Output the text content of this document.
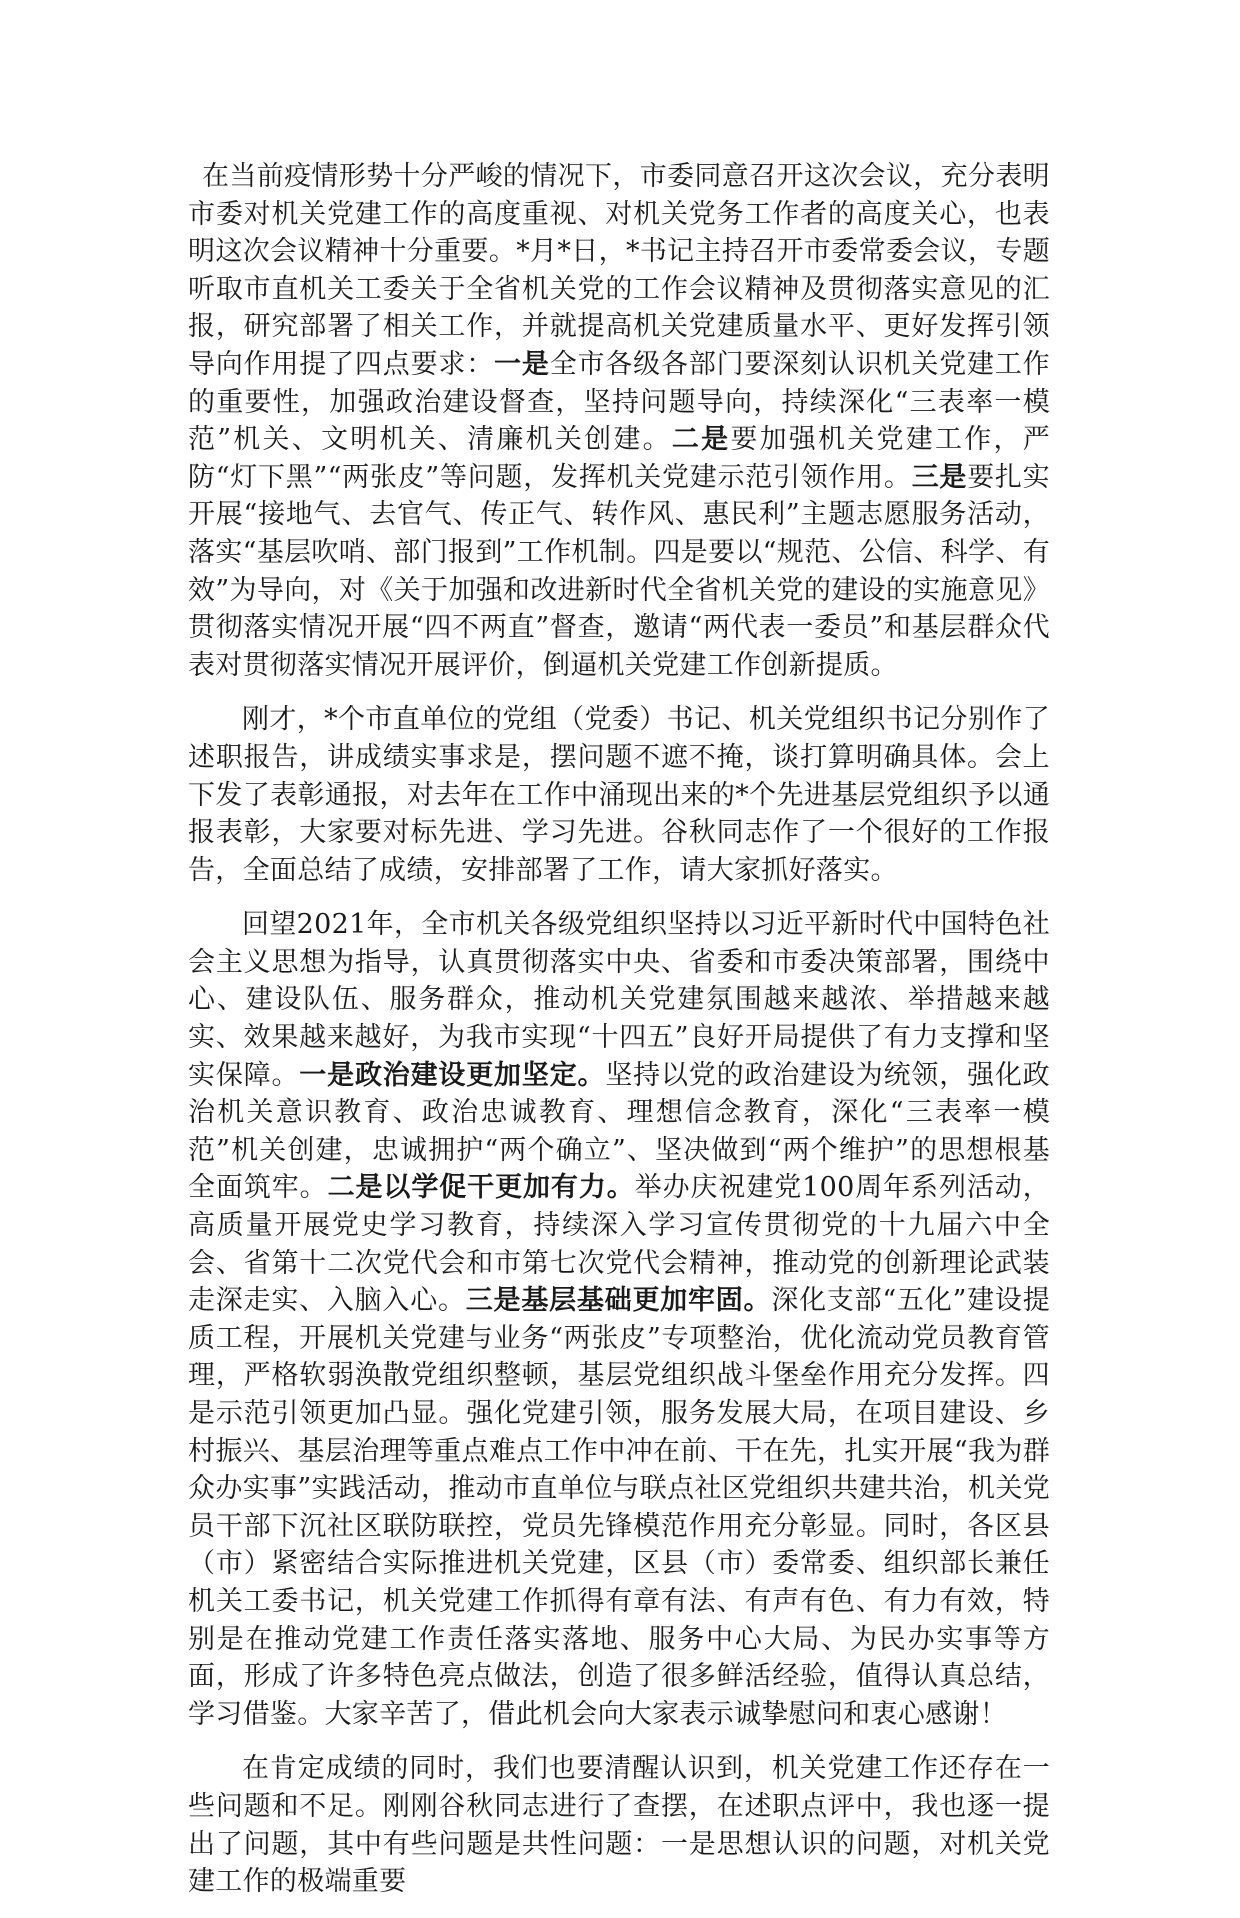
在当前疫情形势十分严峻的情况下，市委同意召开这次会议，充分表明市委对机关党建工作的高度重视、对机关党务工作者的高度关心，也表明这次会议精神十分重要。*月*日，*书记主持召开市委常委会议，专题听取市直机关工委关于全省机关党的工作会议精神及贯彻落实意见的汇报，研究部署了相关工作，并就提高机关党建质量水平、更好发挥引领导向作用提了四点要求：一是全市各级各部门要深刻认识机关党建工作的重要性，加强政治建设督查，坚持问题导向，持续深化“三表率一模范”机关、文明机关、清廉机关创建。二是要加强机关党建工作，严防“灯下黑”“两张皮”等问题，发挥机关党建示范引领作用。三是要扎实开展“接地气、去官气、传正气、转作风、惠民利”主题志愿服务活动，落实“基层吹哨、部门报到”工作机制。四是要以“规范、公信、科学、有效”为导向，对《关于加强和改进新时代全省机关党的建设的实施意见》贯彻落实情况开展“四不两直”督查，邀请“两代表一委员”和基层群众代表对贯彻落实情况开展评价，倒逼机关党建工作创新提质。

刚才，*个市直单位的党组（党委）书记、机关党组织书记分别作了述职报告，讲成绩实事求是，摆问题不遮不掩，谈打算明确具体。会上下发了表彰通报，对去年在工作中涌现出来的*个先进基层党组织予以通报表彰，大家要对标先进、学习先进。谷秋同志作了一个很好的工作报告，全面总结了成绩，安排部署了工作，请大家抓好落实。

回望2021年，全市机关各级党组织坚持以习近平新时代中国特色社会主义思想为指导，认真贯彻落实中央、省委和市委决策部署，围绕中心、建设队伍、服务群众，推动机关党建氛围越来越浓、举措越来越实、效果越来越好，为我市实现“十四五”良好开局提供了有力支撑和坚实保障。一是政治建设更加坚定。坚持以党的政治建设为统领，强化政治机关意识教育、政治忠诚教育、理想信念教育，深化“三表率一模范”机关创建，忠诚拥护“两个确立”、坚决做到“两个维护”的思想根基全面筑牢。二是以学促干更加有力。举办庆祝建党100周年系列活动，高质量开展党史学习教育，持续深入学习宣传贯彻党的十九届六中全会、省第十二次党代会和市第七次党代会精神，推动党的创新理论武装走深走实、入脑入心。三是基层基础更加牢固。深化支部“五化”建设提质工程，开展机关党建与业务“两张皮”专项整治，优化流动党员教育管理，严格软弱涣散党组织整顿，基层党组织战斗堡垒作用充分发挥。四是示范引领更加凸显。强化党建引领，服务发展大局，在项目建设、乡村振兴、基层治理等重点难点工作中冲在前、干在先，扎实开展“我为群众办实事”实践活动，推动市直单位与联点社区党组织共建共治，机关党员干部下沉社区联防联控，党员先锋模范作用充分彰显。同时，各区县（市）紧密结合实际推进机关党建，区县（市）委常委、组织部长兼任机关工委书记，机关党建工作抓得有章有法、有声有色、有力有效，特别是在推动党建工作责任落实落地、服务中心大局、为民办实事等方面，形成了许多特色亮点做法，创造了很多鲜活经验，值得认真总结，学习借鉴。大家辛苦了，借此机会向大家表示诚挚慰问和衷心感谢！

在肯定成绩的同时，我们也要清醒认识到，机关党建工作还存在一些问题和不足。刚刚谷秋同志进行了查摆，在述职点评中，我也逐一提出了问题，其中有些问题是共性问题：一是思想认识的问题，对机关党建工作的极端重要
